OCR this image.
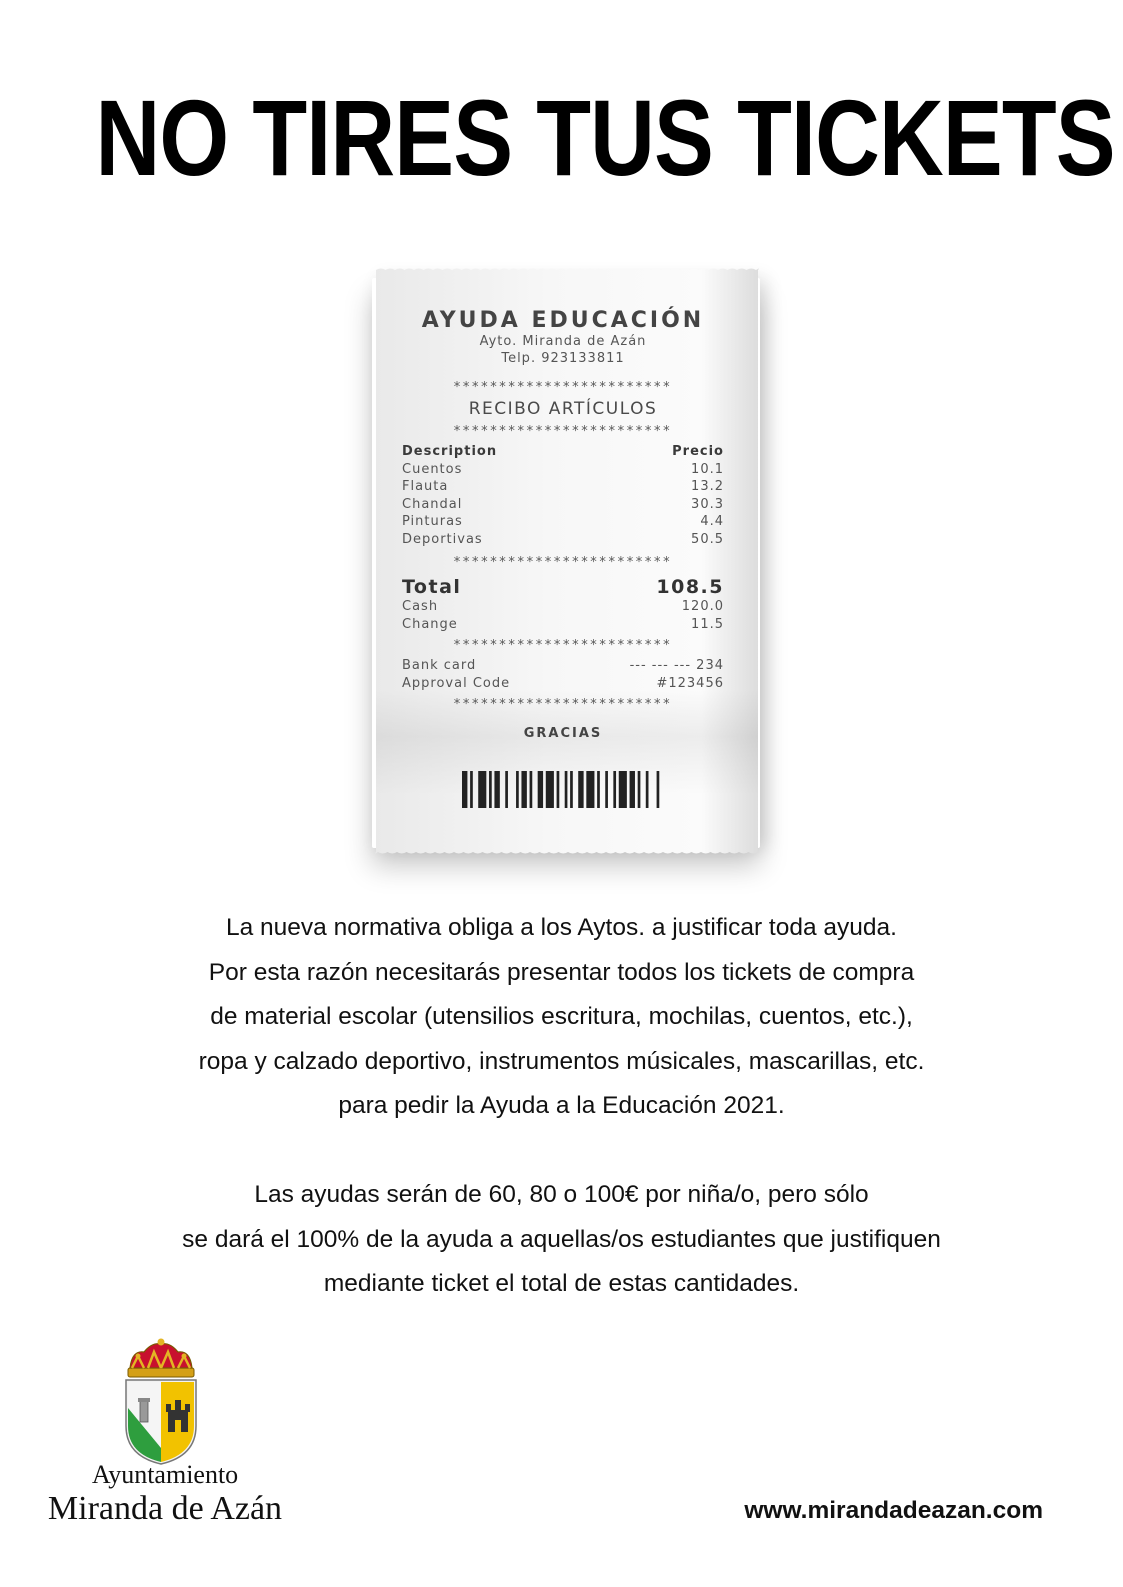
NO TIRES TUS TICKETS
AYUDA EDUCACIÓN
Ayto. Miranda de Azán
Telp. 923133811
************************
RECIBO ARTÍCULOS
************************
Description	Precio
Cuentos	10.1
Flauta	13.2
Chandal	30.3
Pinturas	4.4
Deportivas	50.5
************************
Total	108.5
Cash	120.0
Change	11.5
************************
Bank card	--- --- --- 234
Approval Code	#123456
************************
GRACIAS
La nueva normativa obliga a los Aytos. a justificar toda ayuda.
Por esta razón necesitarás presentar todos los tickets de compra
de material escolar (utensilios escritura, mochilas, cuentos, etc.),
ropa y calzado deportivo, instrumentos músicales, mascarillas, etc.
para pedir la Ayuda a la Educación 2021.
Las ayudas serán de 60, 80 o 100€ por niña/o, pero sólo
se dará el 100% de la ayuda a aquellas/os estudiantes que justifiquen
mediante ticket el total de estas cantidades.
Ayuntamiento
Miranda de Azán	www.mirandadeazan.com
